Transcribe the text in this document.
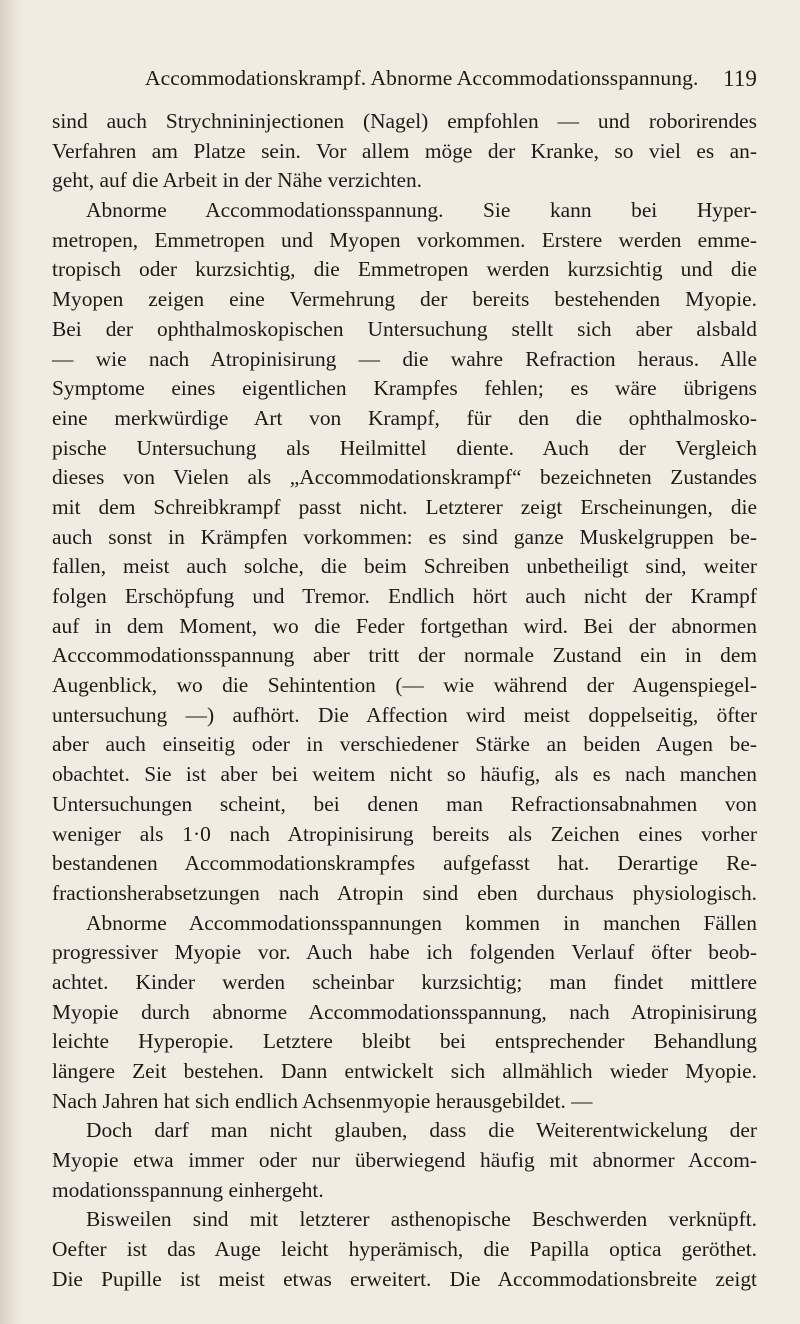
Accommodationskrampf. Abnorme Accommodationsspannung. 119
sind auch Strychnininjectionen (Nagel) empfohlen — und roborirendes
Verfahren am Platze sein. Vor allem möge der Kranke, so viel es an-
geht, auf die Arbeit in der Nähe verzichten.
Abnorme Accommodationsspannung. Sie kann bei Hyper-
metropen, Emmetropen und Myopen vorkommen. Erstere werden emme-
tropisch oder kurzsichtig, die Emmetropen werden kurzsichtig und die
Myopen zeigen eine Vermehrung der bereits bestehenden Myopie.
Bei der ophthalmoskopischen Untersuchung stellt sich aber alsbald
— wie nach Atropinisirung — die wahre Refraction heraus. Alle
Symptome eines eigentlichen Krampfes fehlen; es wäre übrigens
eine merkwürdige Art von Krampf, für den die ophthalmosko-
pische Untersuchung als Heilmittel diente. Auch der Vergleich
dieses von Vielen als „Accommodationskrampf“ bezeichneten Zustandes
mit dem Schreibkrampf passt nicht. Letzterer zeigt Erscheinungen, die
auch sonst in Krämpfen vorkommen: es sind ganze Muskelgruppen be-
fallen, meist auch solche, die beim Schreiben unbetheiligt sind, weiter
folgen Erschöpfung und Tremor. Endlich hört auch nicht der Krampf
auf in dem Moment, wo die Feder fortgethan wird. Bei der abnormen
Acccommodationsspannung aber tritt der normale Zustand ein in dem
Augenblick, wo die Sehintention (— wie während der Augenspiegel-
untersuchung —) aufhört. Die Affection wird meist doppelseitig, öfter
aber auch einseitig oder in verschiedener Stärke an beiden Augen be-
obachtet. Sie ist aber bei weitem nicht so häufig, als es nach manchen
Untersuchungen scheint, bei denen man Refractionsabnahmen von
weniger als 1·0 nach Atropinisirung bereits als Zeichen eines vorher
bestandenen Accommodationskrampfes aufgefasst hat. Derartige Re-
fractionsherabsetzungen nach Atropin sind eben durchaus physiologisch.
Abnorme Accommodationsspannungen kommen in manchen Fällen
progressiver Myopie vor. Auch habe ich folgenden Verlauf öfter beob-
achtet. Kinder werden scheinbar kurzsichtig; man findet mittlere
Myopie durch abnorme Accommodationsspannung, nach Atropinisirung
leichte Hyperopie. Letztere bleibt bei entsprechender Behandlung
längere Zeit bestehen. Dann entwickelt sich allmählich wieder Myopie.
Nach Jahren hat sich endlich Achsenmyopie herausgebildet. —
Doch darf man nicht glauben, dass die Weiterentwickelung der
Myopie etwa immer oder nur überwiegend häufig mit abnormer Accom-
modationsspannung einhergeht.
Bisweilen sind mit letzterer asthenopische Beschwerden verknüpft.
Oefter ist das Auge leicht hyperämisch, die Papilla optica geröthet.
Die Pupille ist meist etwas erweitert. Die Accommodationsbreite zeigt
